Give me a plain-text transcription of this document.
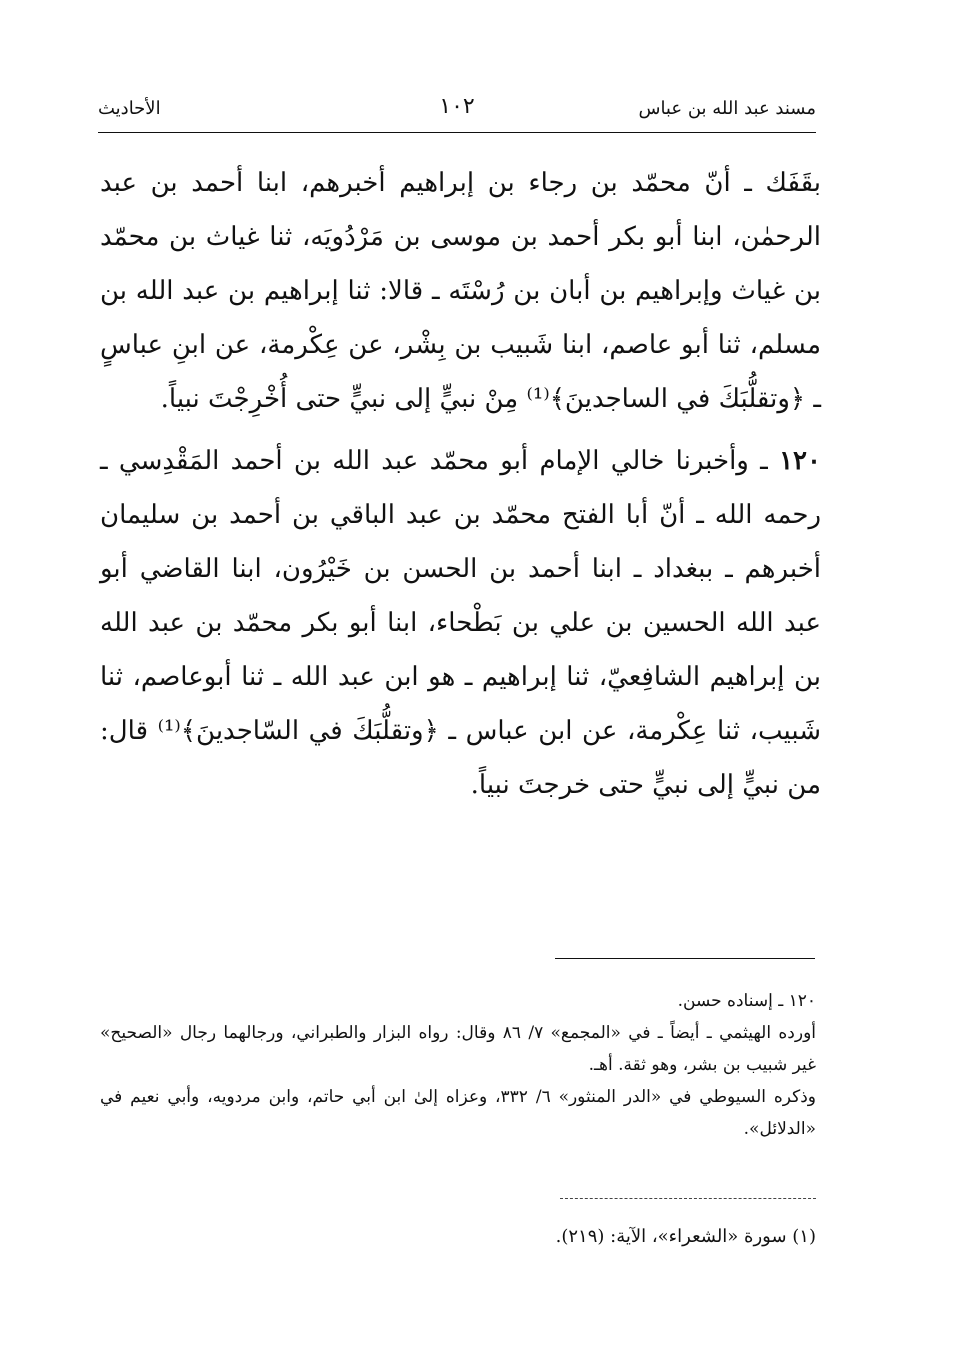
مسند عبد الله بن عباس
١٠٢
الأحاديث

بقَفَك ـ أنّ محمّد بن رجاء بن إبراهيم أخبرهم، ابنا أحمد بن عبد الرحمٰن، ابنا أبو بكر أحمد بن موسى بن مَرْدُويَه، ثنا غياث بن محمّد بن غياث وإبراهيم بن أبان بن رُسْتَه ـ قالا: ثنا إبراهيم بن عبد الله بن مسلم، ثنا أبو عاصم، ابنا شَبيب بن بِشْر، عن عِكْرمة، عن ابنِ عباسٍ ـ ﴿وتقلُّبَكَ في الساجدينَ﴾⁽¹⁾ مِنْ نبيٍّ إلى نبيٍّ حتى أُخْرِجْتَ نبياً.

١٢٠ ـ وأخبرنا خالي الإمام أبو محمّد عبد الله بن أحمد المَقْدِسي ـ رحمه الله ـ أنّ أبا الفتح محمّد بن عبد الباقي بن أحمد بن سليمان أخبرهم ـ ببغداد ـ ابنا أحمد بن الحسن بن خَيْرُون، ابنا القاضي أبو عبد الله الحسين بن علي بن بَطْحاء، ابنا أبو بكر محمّد بن عبد الله بن إبراهيم الشافِعيّ، ثنا إبراهيم ـ هو ابن عبد الله ـ ثنا أبوعاصم، ثنا شَبيب، ثنا عِكْرمة، عن ابن عباس ـ ﴿وتقلُّبَكَ في السّاجدينَ﴾⁽¹⁾ قال: من نبيٍّ إلى نبيٍّ حتى خرجتَ نبياً.

١٢٠ ـ إسناده حسن.

أورده الهيثمي ـ أيضاً ـ في «المجمع» ٧/ ٨٦ وقال: رواه البزار والطبراني، ورجالهما رجال «الصحيح» غير شبيب بن بشر، وهو ثقة. أهـ.

وذكره السيوطي في «الدر المنثور» ٦/ ٣٣٢، وعزاه إلىٰ ابن أبي حاتم، وابن مردويه، وأبي نعيم في «الدلائل».

(١) سورة «الشعراء»، الآية: (٢١٩).
